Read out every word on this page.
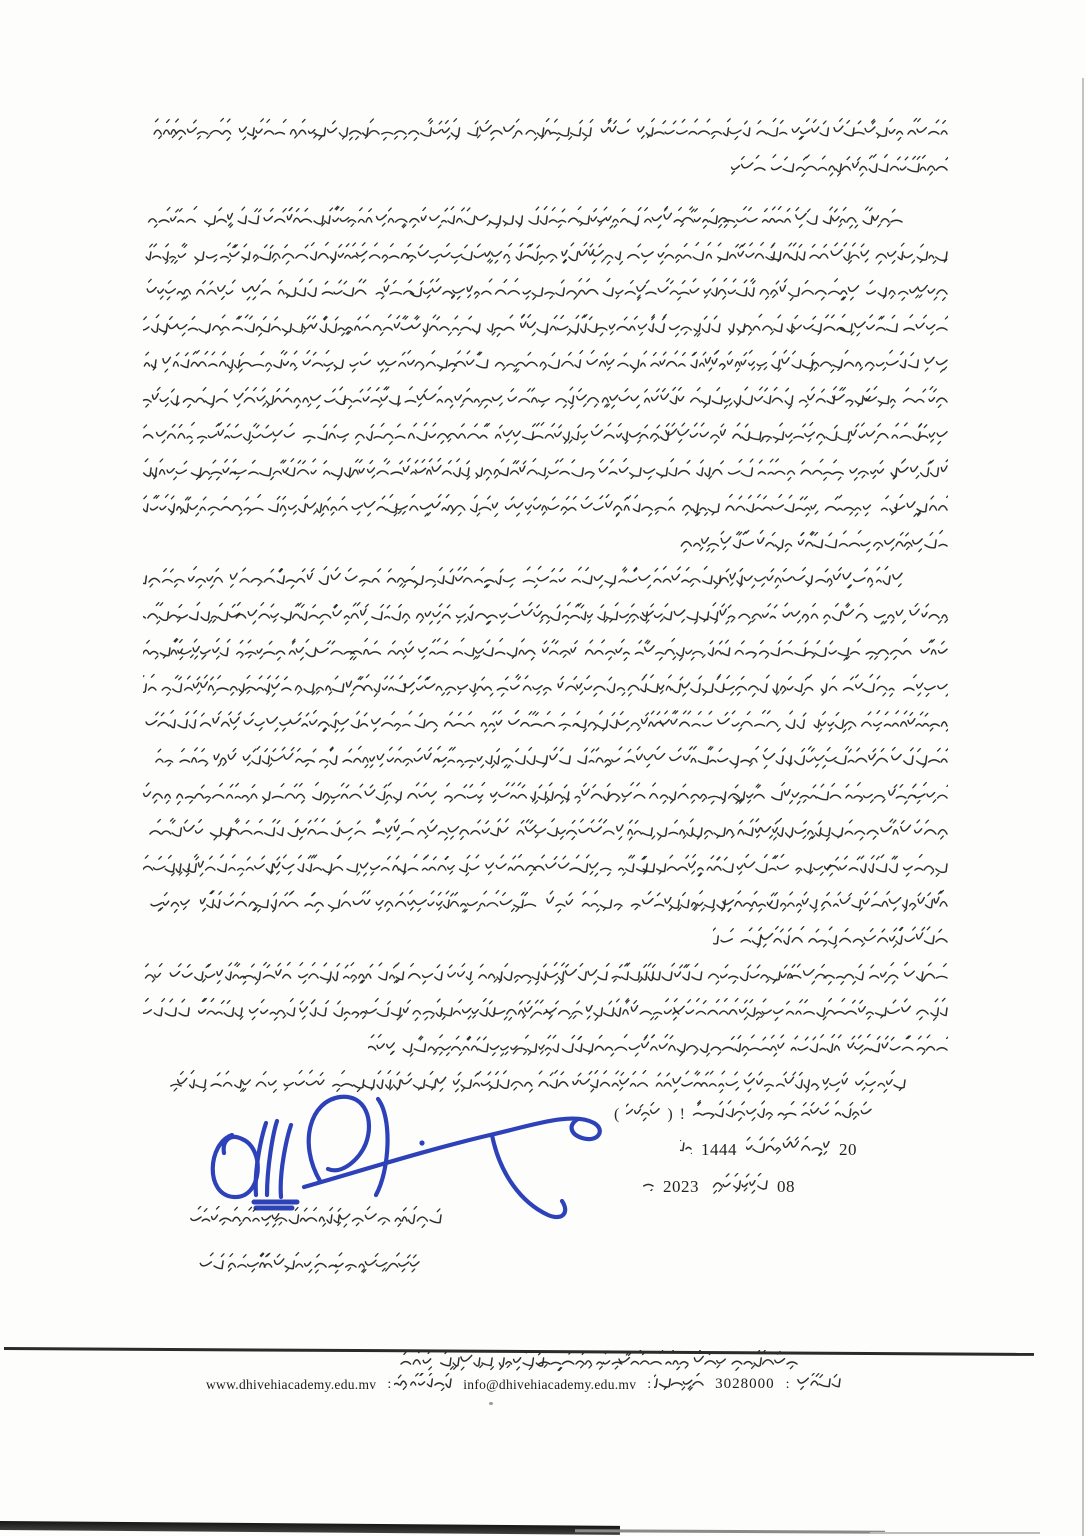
(	) !
1444	20
2023	08
www.dhivehiacademy.edu.mv :	info@dhivehiacademy.edu.mv :	3028000 :
